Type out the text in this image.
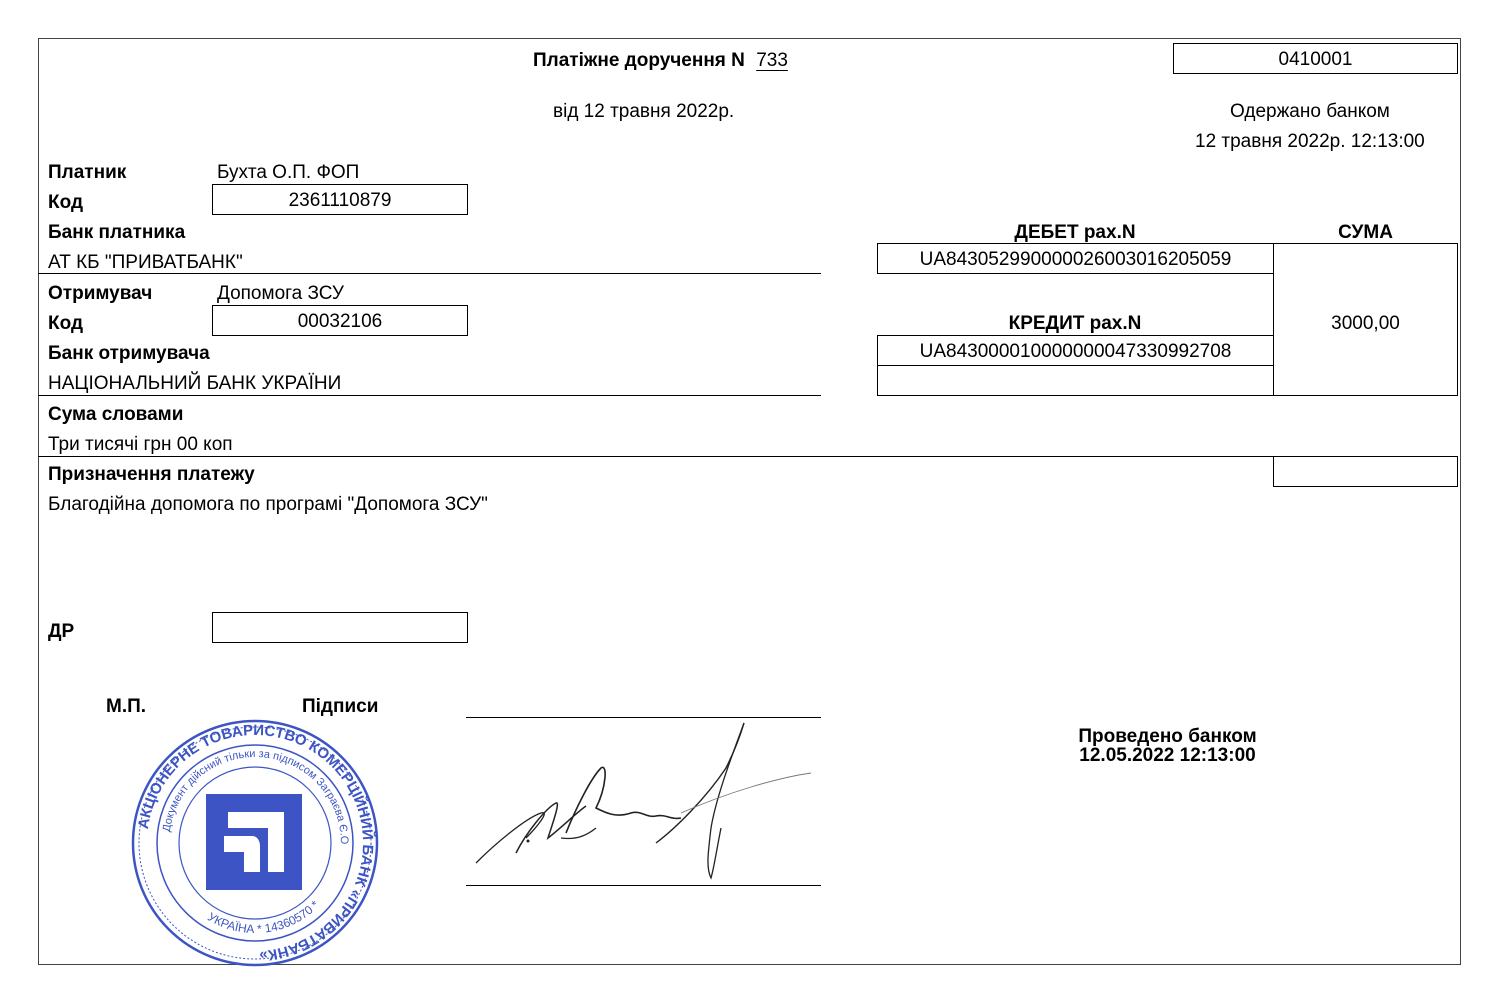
Платіжне доручення N 733	0410001
від 12 травня 2022р.	Одержано банком
12 травня 2022р. 12:13:00
Платник	Бухта О.П. ФОП
Код	2361110879
Банк платника
АТ КБ "ПРИВАТБАНК"
Отримувач	Допомога ЗСУ
Код	00032106
Банк отримувача
НАЦІОНАЛЬНИЙ БАНК УКРАЇНИ
ДЕБЕТ рах.N	СУМА
UA843052990000026003016205059
3000,00
КРЕДИТ рах.N
UA843000010000000047330992708
Сума словами
Три тисячі грн 00 коп
Призначення платежу
Благодійна допомога по програмі "Допомога ЗСУ"
ДР
М.П.	Підписи
АКЦІОНЕРНЕ ТОВАРИСТВО КОМЕРЦІЙНИЙ БАНК «ПРИВАТБАНК»
Документ дійсний тільки за підписом Заграєва Є.О
УКРАЇНА * 14360570 *
Проведено банком
12.05.2022 12:13:00
